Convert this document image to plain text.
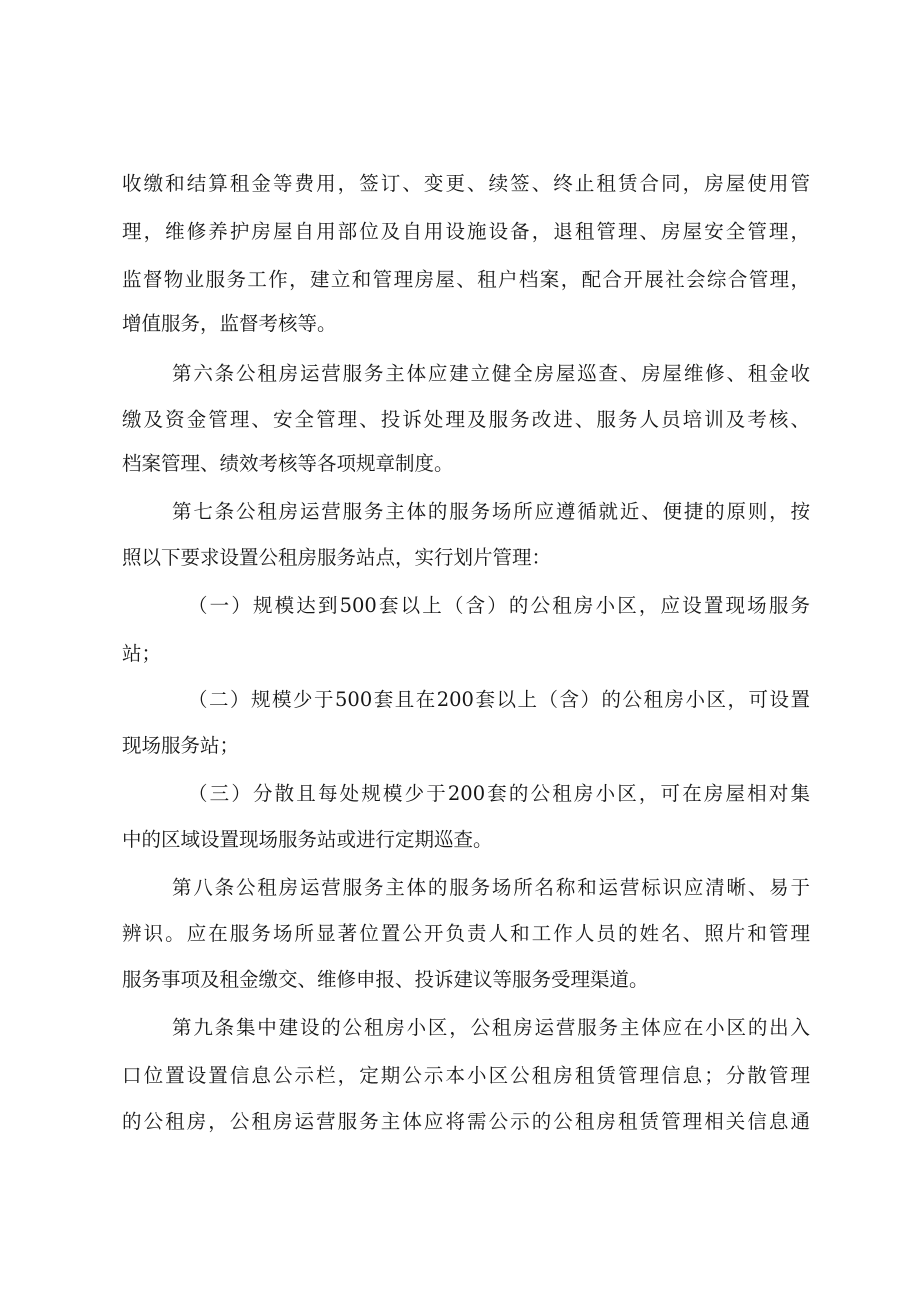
收缴和结算租金等费用，签订、变更、续签、终止租赁合同，房屋使用管
理，维修养护房屋自用部位及自用设施设备，退租管理、房屋安全管理，
监督物业服务工作，建立和管理房屋、租户档案，配合开展社会综合管理，
增值服务，监督考核等。
第六条公租房运营服务主体应建立健全房屋巡查、房屋维修、租金收
缴及资金管理、安全管理、投诉处理及服务改进、服务人员培训及考核、
档案管理、绩效考核等各项规章制度。
第七条公租房运营服务主体的服务场所应遵循就近、便捷的原则，按
照以下要求设置公租房服务站点，实行划片管理：
（一）规模达到500套以上（含）的公租房小区，应设置现场服务
站；
（二）规模少于500套且在200套以上（含）的公租房小区，可设置
现场服务站；
（三）分散且每处规模少于200套的公租房小区，可在房屋相对集
中的区域设置现场服务站或进行定期巡查。
第八条公租房运营服务主体的服务场所名称和运营标识应清晰、易于
辨识。应在服务场所显著位置公开负责人和工作人员的姓名、照片和管理
服务事项及租金缴交、维修申报、投诉建议等服务受理渠道。
第九条集中建设的公租房小区，公租房运营服务主体应在小区的出入
口位置设置信息公示栏，定期公示本小区公租房租赁管理信息；分散管理
的公租房，公租房运营服务主体应将需公示的公租房租赁管理相关信息通
